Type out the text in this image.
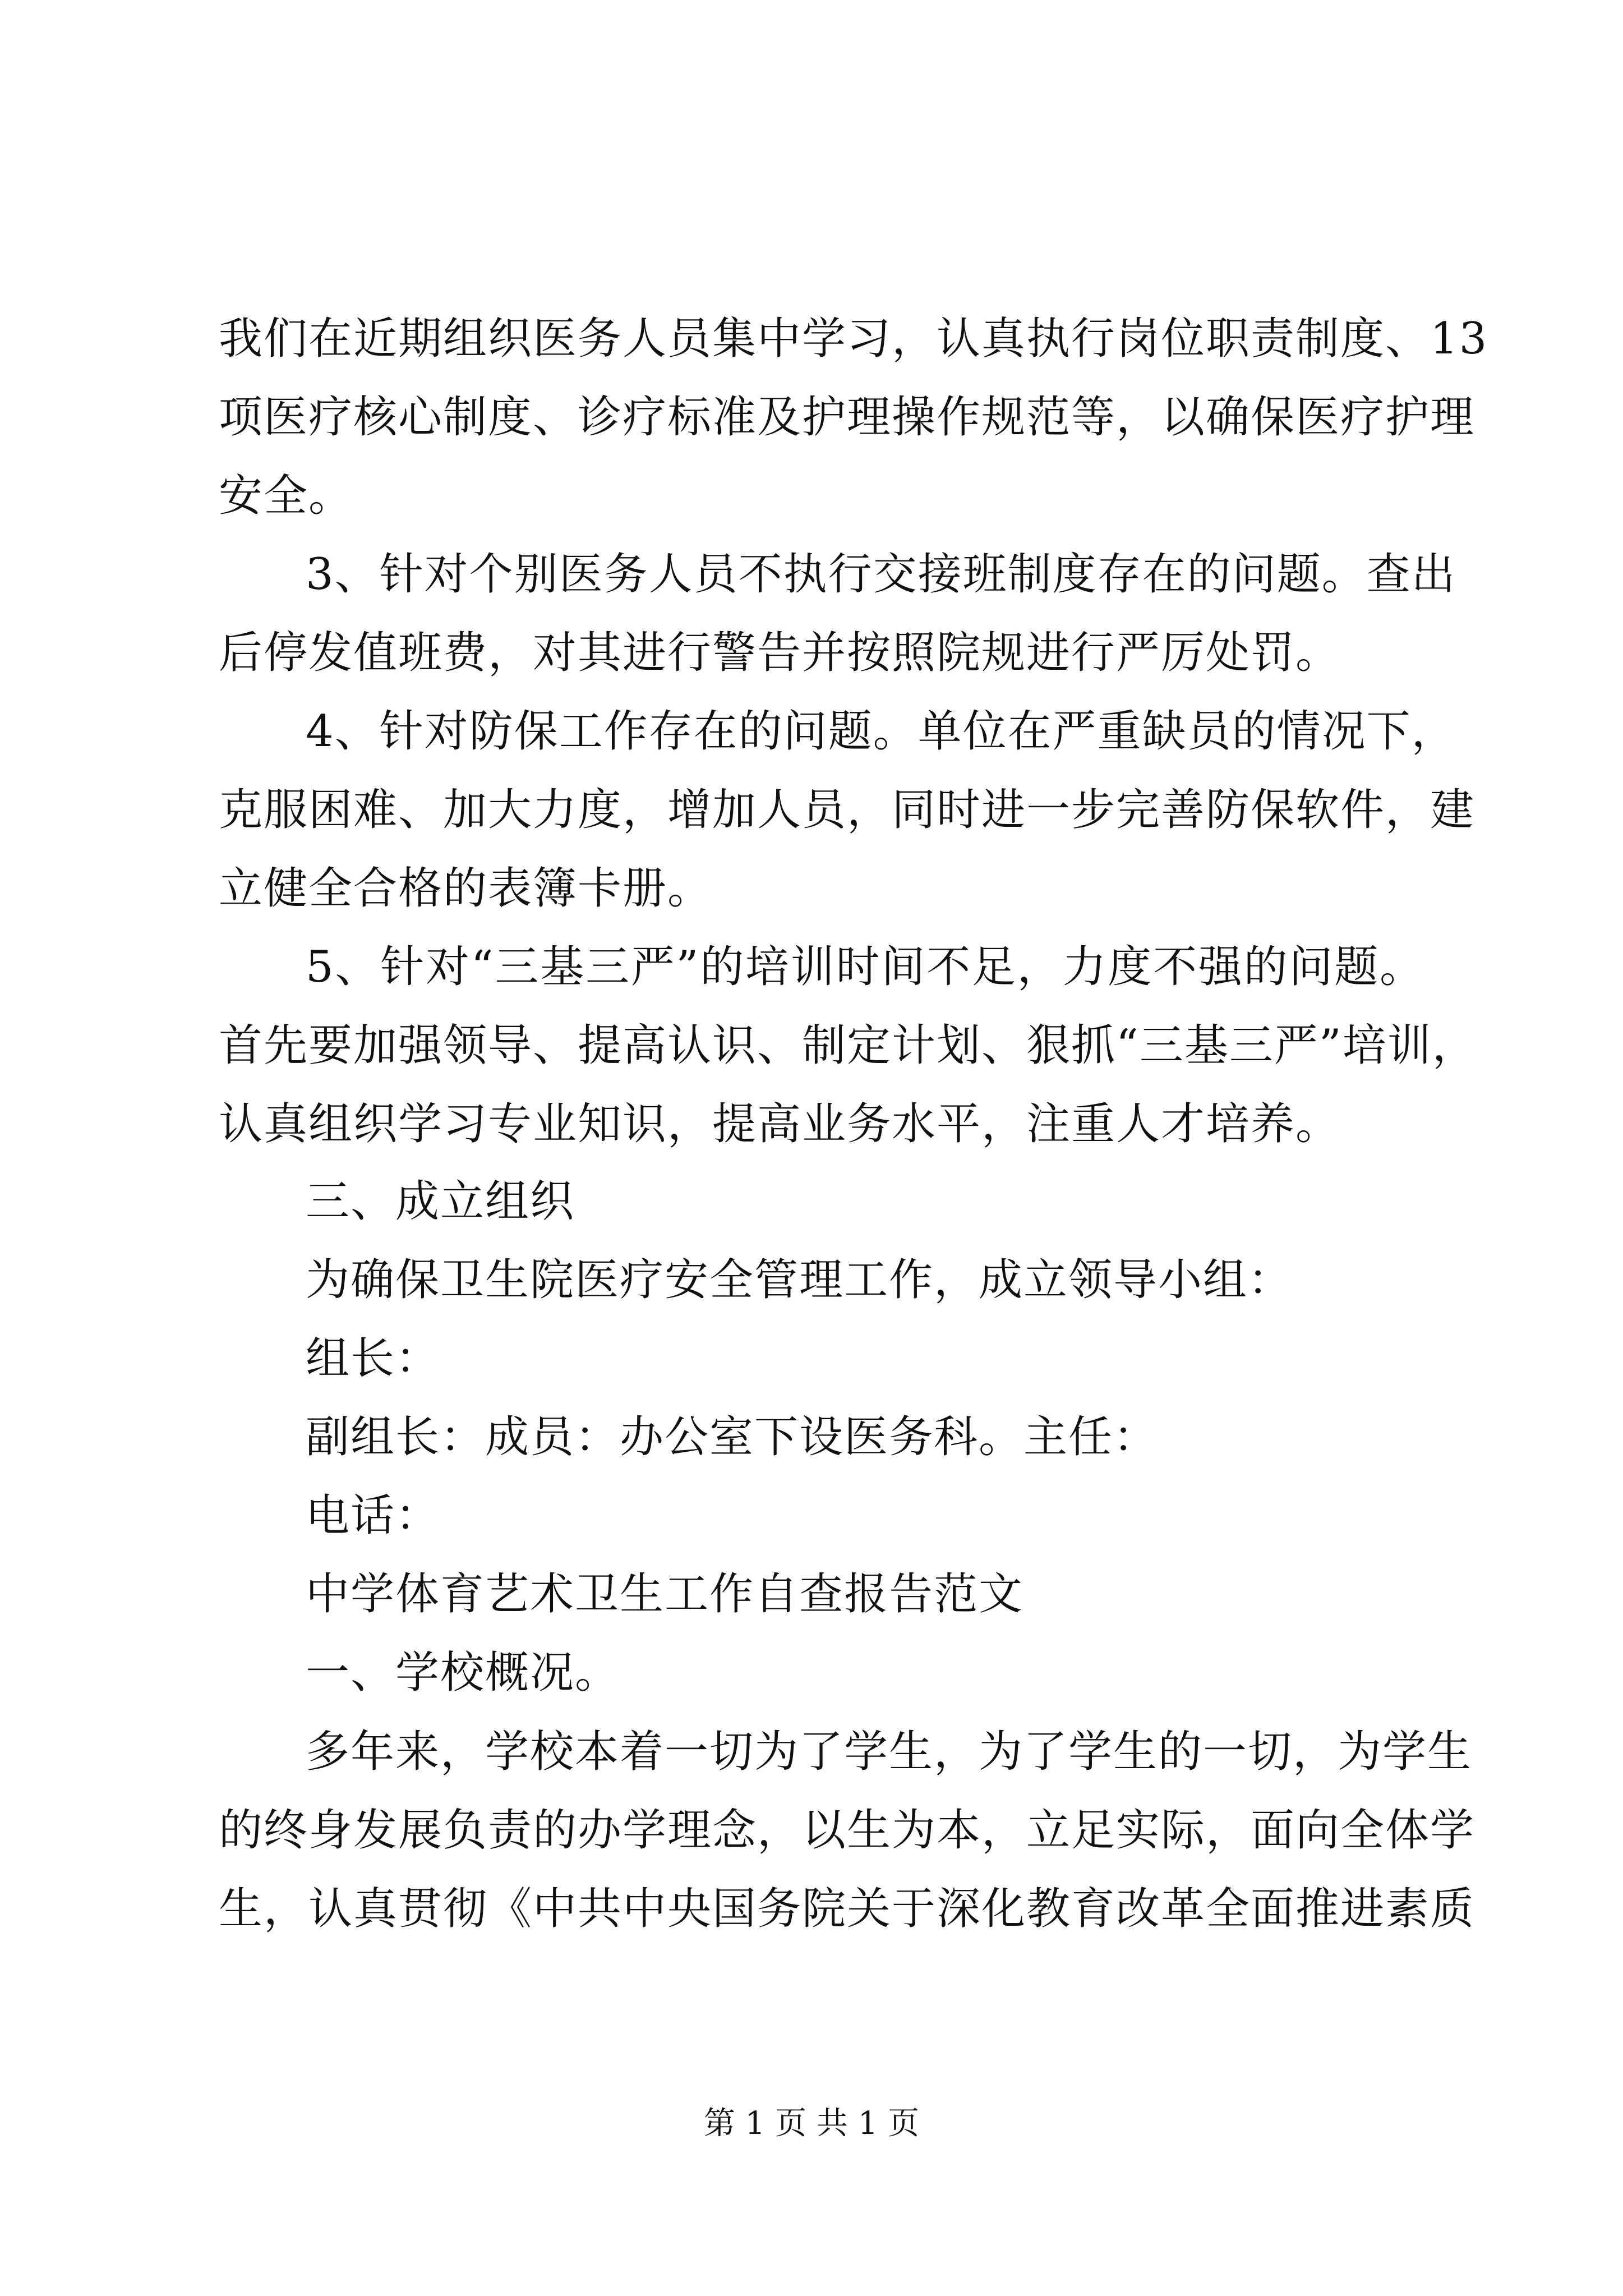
我们在近期组织医务人员集中学习，认真执行岗位职责制度、13
项医疗核心制度、诊疗标准及护理操作规范等，以确保医疗护理
安全。
3、针对个别医务人员不执行交接班制度存在的问题。查出
后停发值班费，对其进行警告并按照院规进行严厉处罚。
4、针对防保工作存在的问题。单位在严重缺员的情况下，
克服困难、加大力度，增加人员，同时进一步完善防保软件，建
立健全合格的表簿卡册。
5、针对“三基三严”的培训时间不足，力度不强的问题。
首先要加强领导、提高认识、制定计划、狠抓“三基三严”培训，
认真组织学习专业知识，提高业务水平，注重人才培养。
三、成立组织
为确保卫生院医疗安全管理工作，成立领导小组：
组长：
副组长：成员：办公室下设医务科。主任：
电话：
中学体育艺术卫生工作自查报告范文
一、学校概况。
多年来，学校本着一切为了学生，为了学生的一切，为学生
的终身发展负责的办学理念，以生为本，立足实际，面向全体学
生，认真贯彻《中共中央国务院关于深化教育改革全面推进素质
第 1 页 共 1 页
